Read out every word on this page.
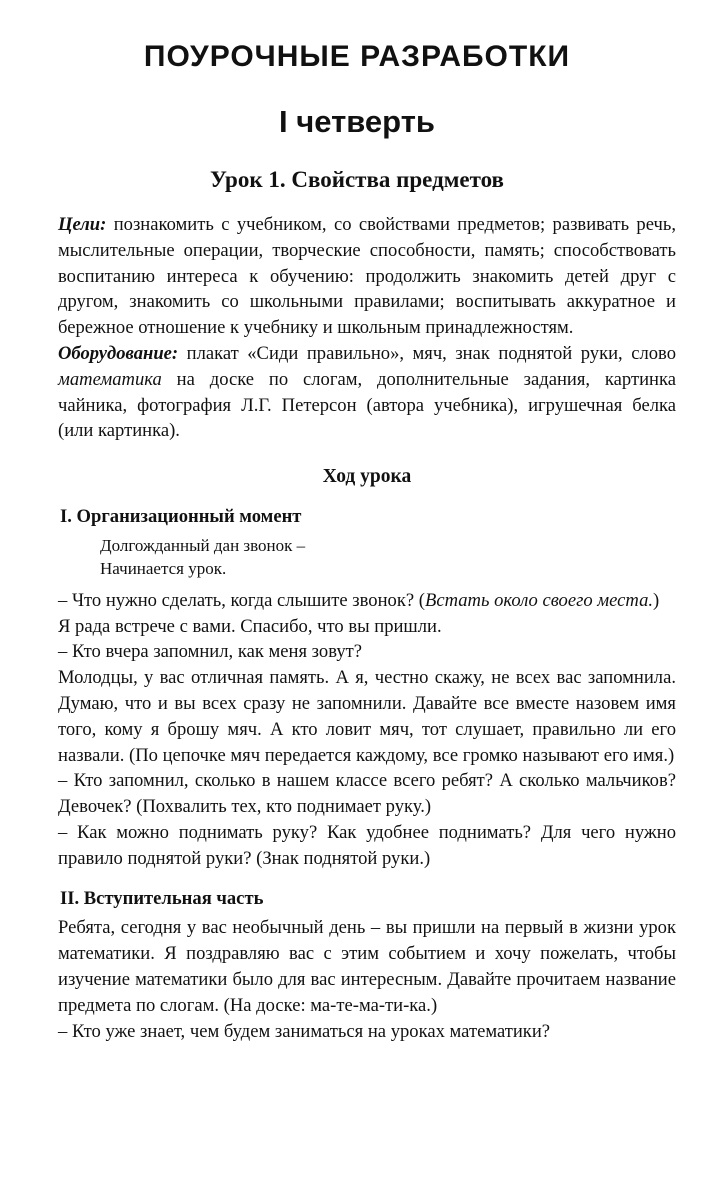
ПОУРОЧНЫЕ РАЗРАБОТКИ
I четверть
Урок 1. Свойства предметов

Цели: познакомить с учебником, со свойствами предметов; развивать речь, мыслительные операции, творческие способности, память; способствовать воспитанию интереса к обучению: продолжить знакомить детей друг с другом, знакомить со школьными правилами; воспитывать аккуратное и бережное отношение к учебнику и школьным принадлежностям.

Оборудование: плакат «Сиди правильно», мяч, знак поднятой руки, слово математика на доске по слогам, дополнительные задания, картинка чайника, фотография Л.Г. Петерсон (автора учебника), игрушечная белка (или картинка).

Ход урока
I. Организационный момент
Долгожданный дан звонок –
Начинается урок.

– Что нужно сделать, когда слышите звонок? (Встать около своего места.)

Я рада встрече с вами. Спасибо, что вы пришли.

– Кто вчера запомнил, как меня зовут?

Молодцы, у вас отличная память. А я, честно скажу, не всех вас запомнила. Думаю, что и вы всех сразу не запомнили. Давайте все вместе назовем имя того, кому я брошу мяч. А кто ловит мяч, тот слушает, правильно ли его назвали. (По цепочке мяч передается каждому, все громко называют его имя.)

– Кто запомнил, сколько в нашем классе всего ребят? А сколько мальчиков? Девочек? (Похвалить тех, кто поднимает руку.)

– Как можно поднимать руку? Как удобнее поднимать? Для чего нужно правило поднятой руки? (Знак поднятой руки.)

II. Вступительная часть

Ребята, сегодня у вас необычный день – вы пришли на первый в жизни урок математики. Я поздравляю вас с этим событием и хочу пожелать, чтобы изучение математики было для вас интересным. Давайте прочитаем название предмета по слогам. (На доске: ма-те-ма-ти-ка.)

– Кто уже знает, чем будем заниматься на уроках математики?
